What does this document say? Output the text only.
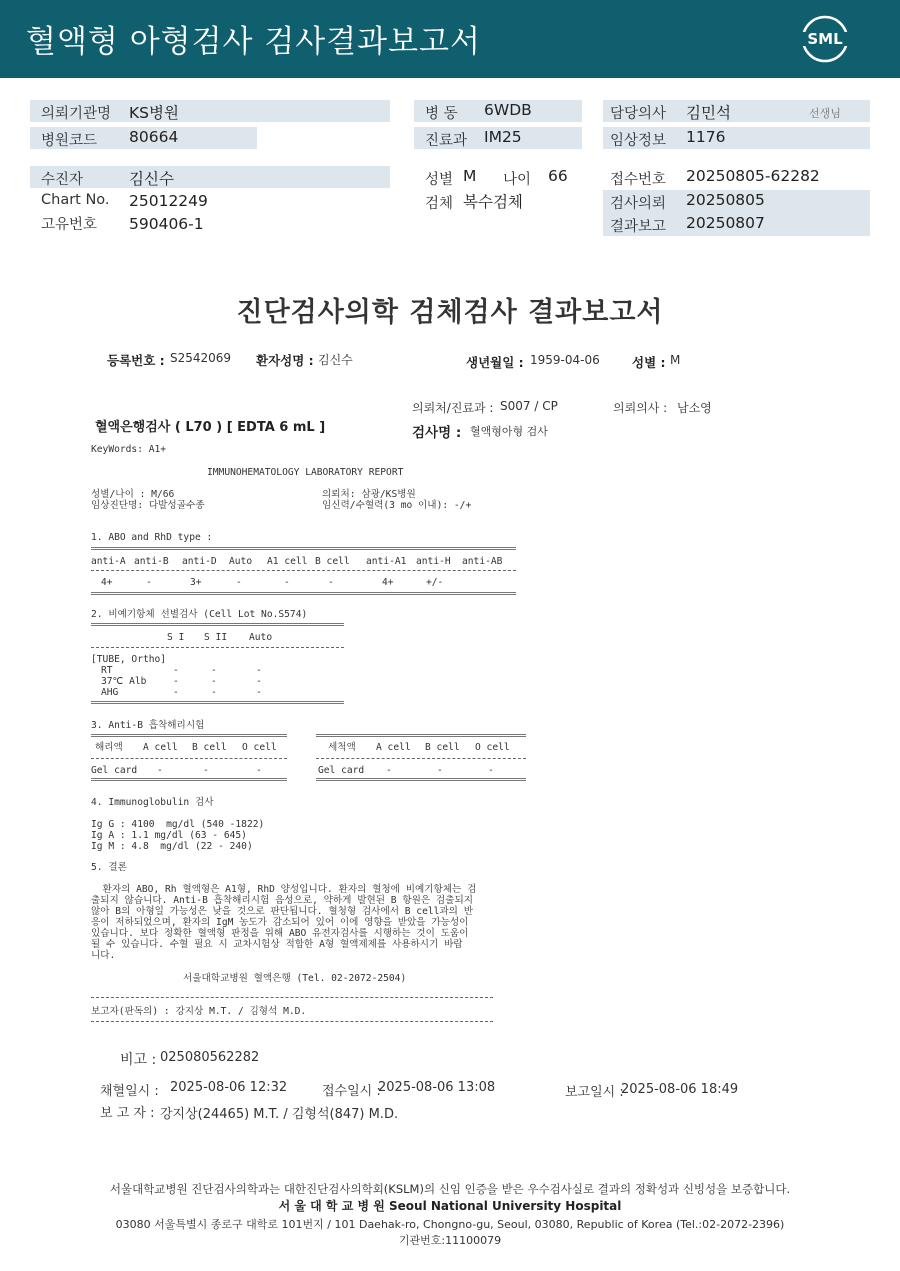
혈액형 아형검사 검사결과보고서	SML
의뢰기관명 KS병원
병원코드 80664
수진자	김신수
Chart No. 25012249
고유번호 590406-1
병 동 6WDB
진료과 IM25
성별 M 나이 66
검체 복수검체
담당의사 김민석	선생님
임상정보 1176
접수번호 20250805-62282
검사의뢰 20250805
결과보고 20250807
진단검사의학 검체검사 결과보고서
등록번호 : S2542069 환자성명 : 김신수	생년월일 : 1959-04-06	성별 : M
의뢰처/진료과 : S007 / CP	의뢰의사 : 남소영
혈액은행검사 ( L70 ) [ EDTA 6 mL ]	검사명 : 혈액형아형 검사
KeyWords: A1+
IMMUNOHEMATOLOGY LABORATORY REPORT
성별/나이 : M/66	의뢰처: 삼광/KS병원
임상진단명: 다발성골수종	임신력/수혈력(3 mo 이내): -/+
1. ABO and RhD type :
anti-A anti-B anti-D Auto A1 cell B cell anti-A1 anti-H anti-AB
4+	-	3+	-	-	-	4+	+/-
2. 비예기항체 선별검사 (Cell Lot No.S574)
S I S II Auto
[TUBE, Ortho]
RT	-	-	-
37℃ Alb	-	-	-
AHG	-	-	-
3. Anti-B 흡착해리시험
해리액 A cell B cell O cell
Gel card -	-	-
세척액 A cell B cell O cell
Gel card -	-	-
4. Immunoglobulin 검사
Ig G : 4100  mg/dl (540 -1822)
Ig A : 1.1 mg/dl (63 - 645)
Ig M : 4.8  mg/dl (22 - 240)
5. 결론
환자의 ABO, Rh 혈액형은 A1형, RhD 양성입니다. 환자의 혈청에 비예기항체는 검
출되지 않습니다. Anti-B 흡착해리시험 음성으로, 약하게 발현된 B 항원은 검출되지
않아 B의 아형일 가능성은 낮을 것으로 판단됩니다. 혈청형 검사에서 B cell과의 반
응이 저하되었으며, 환자의 IgM 농도가 감소되어 있어 이에 영향을 받았을 가능성이
있습니다. 보다 정확한 혈액형 판정을 위해 ABO 유전자검사를 시행하는 것이 도움이
될 수 있습니다. 수혈 필요 시 교차시험상 적합한 A형 혈액제제를 사용하시기 바랍
니다.
서울대학교병원 혈액은행 (Tel. 02-2072-2504)
보고자(판독의) : 강지상 M.T. / 김형석 M.D.
비고 : 025080562282
채혈일시 : 2025-08-06 12:32	접수일시 :
2025-08-06 13:08	보고일시 :
2025-08-06 18:49
보 고 자 : 강지상(24465) M.T. / 김형석(847) M.D.
서울대학교병원 진단검사의학과는 대한진단검사의학회(KSLM)의 신임 인증을 받은 우수검사실로 결과의 정확성과 신빙성을 보증합니다.
서 울 대 학 교 병 원 Seoul National University Hospital
03080 서울특별시 종로구 대학로 101번지 / 101 Daehak-ro, Chongno-gu, Seoul, 03080, Republic of Korea (Tel.:02-2072-2396)
기관번호:11100079
